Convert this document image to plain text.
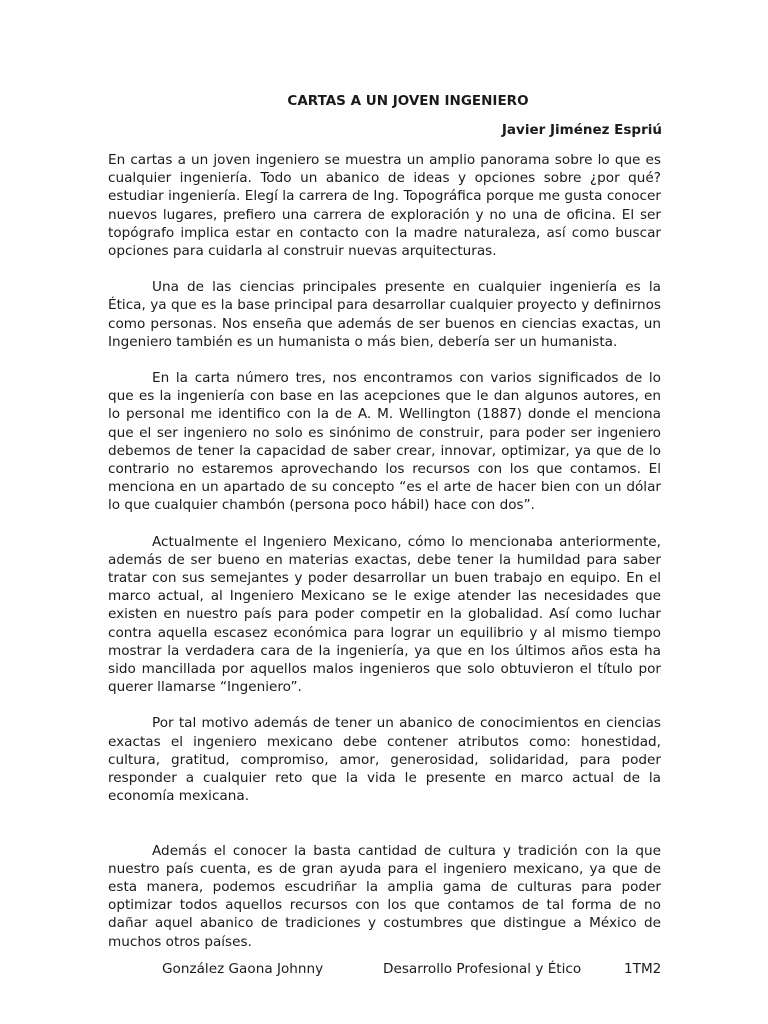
CARTAS A UN JOVEN INGENIERO
Javier Jiménez Espriú

En cartas a un joven ingeniero se muestra un amplio panorama sobre lo que es cualquier ingeniería. Todo un abanico de ideas y opciones sobre ¿por qué? estudiar ingeniería. Elegí la carrera de Ing. Topográfica porque me gusta conocer nuevos lugares, prefiero una carrera de exploración y no una de oficina. El ser topógrafo implica estar en contacto con la madre naturaleza, así como buscar opciones para cuidarla al construir nuevas arquitecturas.

Una de las ciencias principales presente en cualquier ingeniería es la Ética, ya que es la base principal para desarrollar cualquier proyecto y definirnos como personas. Nos enseña que además de ser buenos en ciencias exactas, un Ingeniero también es un humanista o más bien, debería ser un humanista.

En la carta número tres, nos encontramos con varios significados de lo que es la ingeniería con base en las acepciones que le dan algunos autores, en lo personal me identifico con la de A. M. Wellington (1887) donde el menciona que el ser ingeniero no solo es sinónimo de construir, para poder ser ingeniero debemos de tener la capacidad de saber crear, innovar, optimizar, ya que de lo contrario no estaremos aprovechando los recursos con los que contamos. El menciona en un apartado de su concepto “es el arte de hacer bien con un dólar lo que cualquier chambón (persona poco hábil) hace con dos”.

Actualmente el Ingeniero Mexicano, cómo lo mencionaba anteriormente, además de ser bueno en materias exactas, debe tener la humildad para saber tratar con sus semejantes y poder desarrollar un buen trabajo en equipo. En el marco actual, al Ingeniero Mexicano se le exige atender las necesidades que existen en nuestro país para poder competir en la globalidad. Así como luchar contra aquella escasez económica para lograr un equilibrio y al mismo tiempo mostrar la verdadera cara de la ingeniería, ya que en los últimos años esta ha sido mancillada por aquellos malos ingenieros que solo obtuvieron el título por querer llamarse “Ingeniero”.

Por tal motivo además de tener un abanico de conocimientos en ciencias exactas el ingeniero mexicano debe contener atributos como: honestidad, cultura, gratitud, compromiso, amor, generosidad, solidaridad, para poder responder a cualquier reto que la vida le presente en marco actual de la economía mexicana.

Además el conocer la basta cantidad de cultura y tradición con la que nuestro país cuenta, es de gran ayuda para el ingeniero mexicano, ya que de esta manera, podemos escudriñar la amplia gama de culturas para poder optimizar todos aquellos recursos con los que contamos de tal forma de no dañar aquel abanico de tradiciones y costumbres que distingue a México de muchos otros países.

González Gaona Johnny	Desarrollo Profesional y Ético	1TM2
